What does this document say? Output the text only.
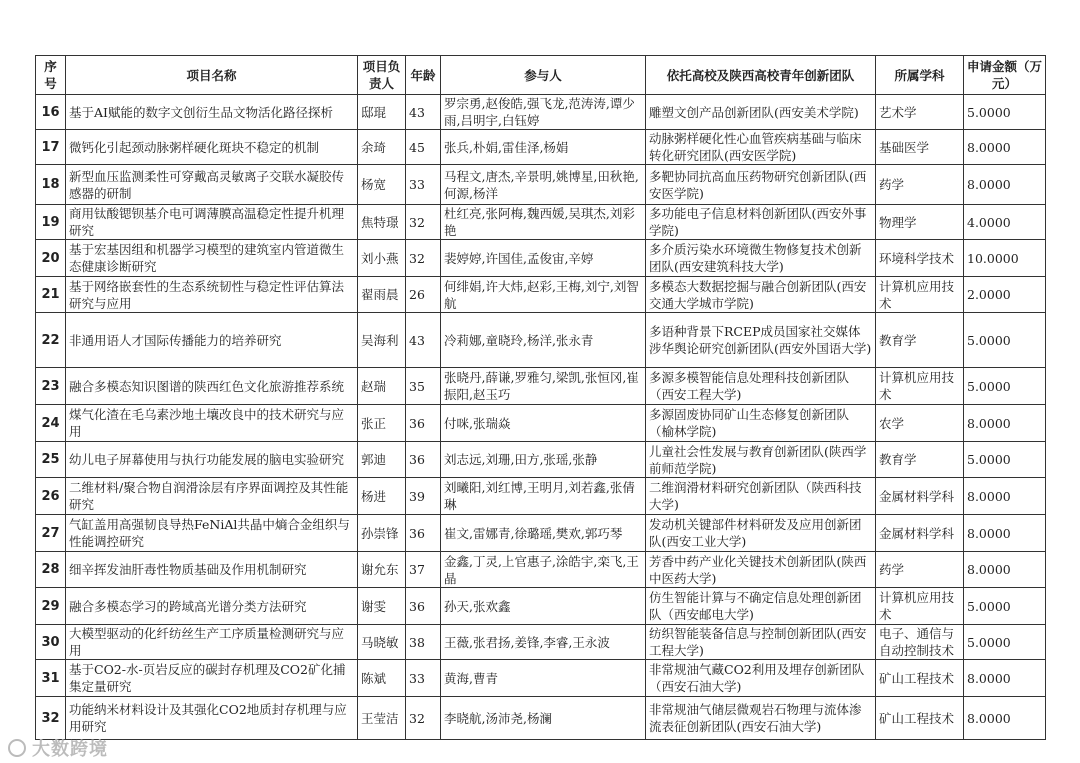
序号	项目名称	项目负责人	年龄	参与人	依托高校及陕西高校青年创新团队	所属学科	申请金额（万元）
16	基于AI赋能的数字文创衍生品文物活化路径探析	邸琨	43	罗宗勇,赵俊皓,强飞龙,范涛涛,谭少雨,吕明宇,白钰婷	雕塑文创产品创新团队(西安美术学院)	艺术学	5.0000
17	微钙化引起颈动脉粥样硬化斑块不稳定的机制	余琦	45	张兵,朴娟,雷佳泽,杨娟	动脉粥样硬化性心血管疾病基础与临床转化研究团队(西安医学院)	基础医学	8.0000
18	新型血压监测柔性可穿戴高灵敏离子交联水凝胶传感器的研制	杨宽	33	马程文,唐杰,辛景明,姚博星,田秋艳,何源,杨洋	多靶协同抗高血压药物研究创新团队(西安医学院)	药学	8.0000
19	商用钛酸锶钡基介电可调薄膜高温稳定性提升机理研究	焦特璟	32	杜红亮,张阿梅,魏西媛,吴琪杰,刘彩艳	多功能电子信息材料创新团队(西安外事学院)	物理学	4.0000
20	基于宏基因组和机器学习模型的建筑室内管道微生态健康诊断研究	刘小燕	32	裴婷婷,许国佳,孟俊宙,辛婷	多介质污染水环境微生物修复技术创新团队(西安建筑科技大学)	环境科学技术	10.0000
21	基于网络嵌套性的生态系统韧性与稳定性评估算法研究与应用	翟雨晨	26	何绯娟,许大炜,赵彩,王梅,刘宁,刘智航	多模态大数据挖掘与融合创新团队(西安交通大学城市学院)	计算机应用技术	2.0000
22	非通用语人才国际传播能力的培养研究	吴海利	43	冷莉娜,童晓玲,杨洋,张永青	多语种背景下RCEP成员国家社交媒体涉华舆论研究创新团队(西安外国语大学)	教育学	5.0000
23	融合多模态知识图谱的陕西红色文化旅游推荐系统	赵瑞	35	张晓丹,薛谦,罗雅匀,梁凯,张恒冈,崔振阳,赵玉巧	多源多模智能信息处理科技创新团队（西安工程大学)	计算机应用技术	5.0000
24	煤气化渣在毛乌素沙地土壤改良中的技术研究与应用	张正	36	付咪,张瑞焱	多源固废协同矿山生态修复创新团队（榆林学院)	农学	8.0000
25	幼儿电子屏幕使用与执行功能发展的脑电实验研究	郭迪	36	刘志远,刘珊,田方,张瑶,张静	儿童社会性发展与教育创新团队(陕西学前师范学院)	教育学	5.0000
26	二维材料/聚合物自润滑涂层有序界面调控及其性能研究	杨进	39	刘曦阳,刘红博,王明月,刘若鑫,张倩琳	二维润滑材料研究创新团队（陕西科技大学)	金属材料学科	8.0000
27	气缸盖用高强韧良导热FeNiAl共晶中熵合金组织与性能调控研究	孙崇锋	36	崔文,雷娜青,徐璐瑶,樊欢,郭巧琴	发动机关键部件材料研发及应用创新团队(西安工业大学)	金属材料学科	8.0000
28	细辛挥发油肝毒性物质基础及作用机制研究	谢允东	37	金鑫,丁灵,上官惠子,涂皓宇,栾飞,王晶	芳香中药产业化关键技术创新团队(陕西中医药大学)	药学	8.0000
29	融合多模态学习的跨域高光谱分类方法研究	谢雯	36	孙天,张欢鑫	仿生智能计算与不确定信息处理创新团队（西安邮电大学)	计算机应用技术	5.0000
30	大模型驱动的化纤纺丝生产工序质量检测研究与应用	马晓敏	38	王薇,张君扬,姜锋,李睿,王永波	纺织智能装备信息与控制创新团队(西安工程大学)	电子、通信与自动控制技术	5.0000
31	基于CO2-水-页岩反应的碳封存机理及CO2矿化捕集定量研究	陈斌	33	黄海,曹青	非常规油气藏CO2利用及埋存创新团队（西安石油大学)	矿山工程技术	8.0000
32	功能纳米材料设计及其强化CO2地质封存机理与应用研究	王莹洁	32	李晓航,汤沛尧,杨澜	非常规油气储层微观岩石物理与流体渗流表征创新团队(西安石油大学)	矿山工程技术	8.0000
大数跨境
